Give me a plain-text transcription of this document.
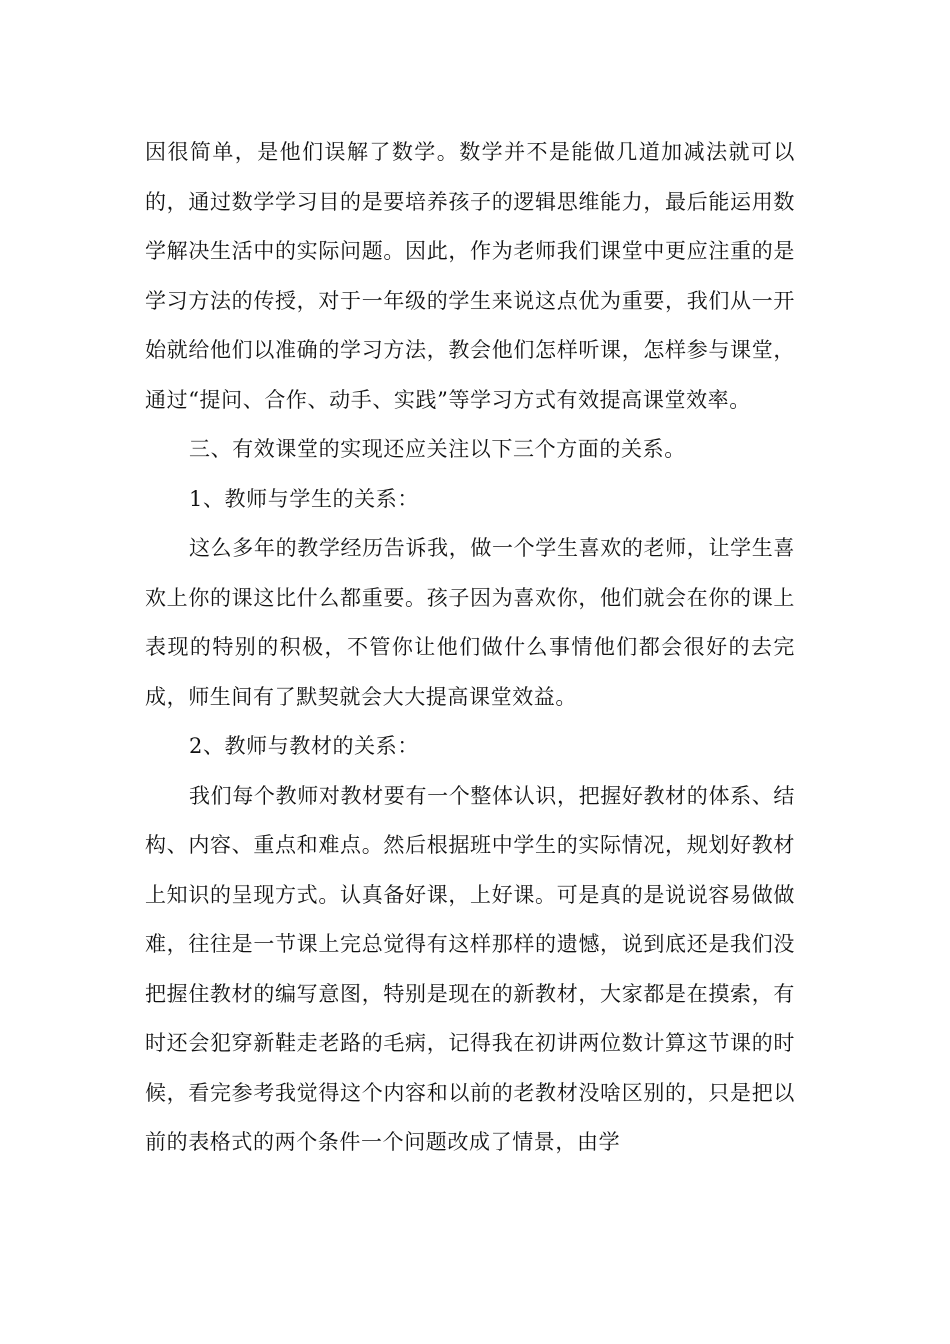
因很简单，是他们误解了数学。数学并不是能做几道加减法就可以的，通过数学学习目的是要培养孩子的逻辑思维能力，最后能运用数学解决生活中的实际问题。因此，作为老师我们课堂中更应注重的是学习方法的传授，对于一年级的学生来说这点优为重要，我们从一开始就给他们以准确的学习方法，教会他们怎样听课，怎样参与课堂，通过“提问、合作、动手、实践”等学习方式有效提高课堂效率。

三、有效课堂的实现还应关注以下三个方面的关系。

1、教师与学生的关系：

这么多年的教学经历告诉我，做一个学生喜欢的老师，让学生喜欢上你的课这比什么都重要。孩子因为喜欢你，他们就会在你的课上表现的特别的积极，不管你让他们做什么事情他们都会很好的去完成，师生间有了默契就会大大提高课堂效益。

2、教师与教材的关系：

我们每个教师对教材要有一个整体认识，把握好教材的体系、结构、内容、重点和难点。然后根据班中学生的实际情况，规划好教材上知识的呈现方式。认真备好课，上好课。可是真的是说说容易做做难，往往是一节课上完总觉得有这样那样的遗憾，说到底还是我们没把握住教材的编写意图，特别是现在的新教材，大家都是在摸索，有时还会犯穿新鞋走老路的毛病，记得我在初讲两位数计算这节课的时候，看完参考我觉得这个内容和以前的老教材没啥区别的，只是把以前的表格式的两个条件一个问题改成了情景，由学
